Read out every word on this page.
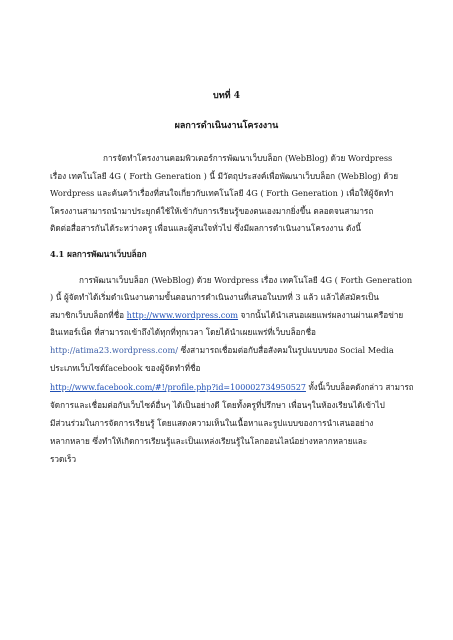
บทที่ 4
ผลการดำเนินงานโครงงาน
การจัดทำโครงงานคอมพิวเตอร์การพัฒนาเว็บบล็อก (WebBlog) ด้วย Wordpress
เรื่อง เทคโนโลยี 4G ( Forth Generation ) นี้ มีวัตถุประสงค์เพื่อพัฒนาเว็บบล็อก (WebBlog) ด้วย
Wordpress และค้นคว้าเรื่องที่สนใจเกี่ยวกับเทคโนโลยี 4G ( Forth Generation ) เพื่อให้ผู้จัดทำ
โครงงานสามารถนำมาประยุกต์ใช้ให้เข้ากับการเรียนรู้ของตนเองมากยิ่งขึ้น ตลอดจนสามารถ
ติดต่อสื่อสารกันได้ระหว่างครู เพื่อนและผู้สนใจทั่วไป ซึ่งมีผลการดำเนินงานโครงงาน ดังนี้
4.1 ผลการพัฒนาเว็บบล็อก
การพัฒนาเว็บบล็อก (WebBlog) ด้วย Wordpress เรื่อง เทคโนโลยี 4G ( Forth Generation
) นี้ ผู้จัดทำได้เริ่มดำเนินงานตามขั้นตอนการดำเนินงานที่เสนอในบทที่ 3 แล้ว แล้วได้สมัครเป็น
สมาชิกเว็บบล็อกที่ชื่อ http://www.wordpress.com จากนั้นได้นำเสนอเผยแพร่ผลงานผ่านเครือข่าย
อินเทอร์เน็ต ที่สามารถเข้าถึงได้ทุกที่ทุกเวลา โดยได้นำเผยแพร่ที่เว็บบล็อกชื่อ
http://atima23.wordpress.com/ ซึ่งสามารถเชื่อมต่อกับสื่อสังคมในรูปแบบของ Social Media
ประเภทเว็บไซต์facebook ของผู้จัดทำที่ชื่อ
http://www.facebook.com/#!/profile.php?id=100002734950527 ทั้งนี้เว็บบล็อคดังกล่าว สามารถ
จัดการและเชื่อมต่อกับเว็บไซต์อื่นๆ ได้เป็นอย่างดี โดยทั้งครูที่ปรึกษา เพื่อนๆในห้องเรียนได้เข้าไป
มีส่วนร่วมในการจัดการเรียนรู้ โดยแสดงความเห็นในเนื้อหาและรูปแบบของการนำเสนออย่าง
หลากหลาย ซึ่งทำให้เกิดการเรียนรู้และเป็นแหล่งเรียนรู้ในโลกออนไลน์อย่างหลากหลายและ
รวดเร็ว
